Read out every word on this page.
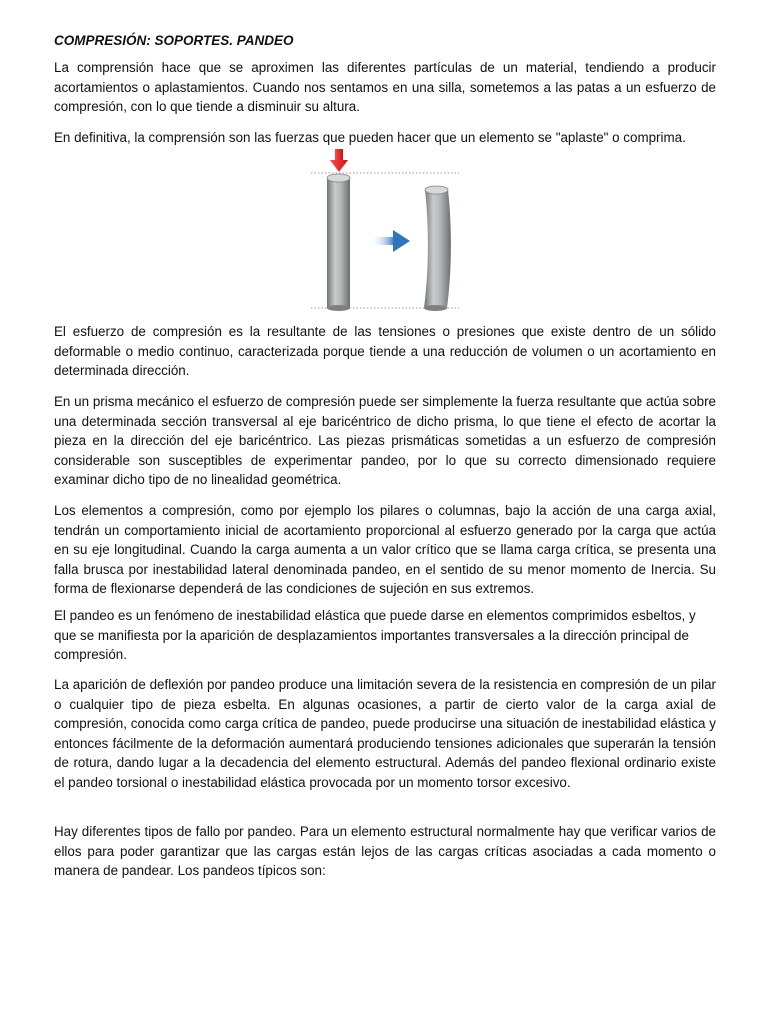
COMPRESIÓN: SOPORTES. PANDEO

La comprensión hace que se aproximen las diferentes partículas de un material, tendiendo a producir acortamientos o aplastamientos. Cuando nos sentamos en una silla, sometemos a las patas a un esfuerzo de compresión, con lo que tiende a disminuir su altura.

En definitiva, la comprensión son las fuerzas que pueden hacer que un elemento se "aplaste" o comprima.

El esfuerzo de compresión es la resultante de las tensiones o presiones que existe dentro de un sólido deformable o medio continuo, caracterizada porque tiende a una reducción de volumen o un acortamiento en determinada dirección.

En un prisma mecánico el esfuerzo de compresión puede ser simplemente la fuerza resultante que actúa sobre una determinada sección transversal al eje baricéntrico de dicho prisma, lo que tiene el efecto de acortar la pieza en la dirección del eje baricéntrico. Las piezas prismáticas sometidas a un esfuerzo de compresión considerable son susceptibles de experimentar pandeo, por lo que su correcto dimensionado requiere examinar dicho tipo de no linealidad geométrica.

Los elementos a compresión, como por ejemplo los pilares o columnas, bajo la acción de una carga axial, tendrán un comportamiento inicial de acortamiento proporcional al esfuerzo generado por la carga que actúa en su eje longitudinal. Cuando la carga aumenta a un valor crítico que se llama carga crítica, se presenta una falla brusca por inestabilidad lateral denominada pandeo, en el sentido de su menor momento de Inercia. Su forma de flexionarse dependerá de las condiciones de sujeción en sus extremos.

El pandeo es un fenómeno de inestabilidad elástica que puede darse en elementos comprimidos esbeltos, y que se manifiesta por la aparición de desplazamientos importantes transversales a la dirección principal de compresión.

La aparición de deflexión por pandeo produce una limitación severa de la resistencia en compresión de un pilar o cualquier tipo de pieza esbelta. En algunas ocasiones, a partir de cierto valor de la carga axial de compresión, conocida como carga crítica de pandeo, puede producirse una situación de inestabilidad elástica y entonces fácilmente de la deformación aumentará produciendo tensiones adicionales que superarán la tensión de rotura, dando lugar a la decadencia del elemento estructural. Además del pandeo flexional ordinario existe el pandeo torsional o inestabilidad elástica provocada por un momento torsor excesivo.

Hay diferentes tipos de fallo por pandeo. Para un elemento estructural normalmente hay que verificar varios de ellos para poder garantizar que las cargas están lejos de las cargas críticas asociadas a cada momento o manera de pandear. Los pandeos típicos son:
